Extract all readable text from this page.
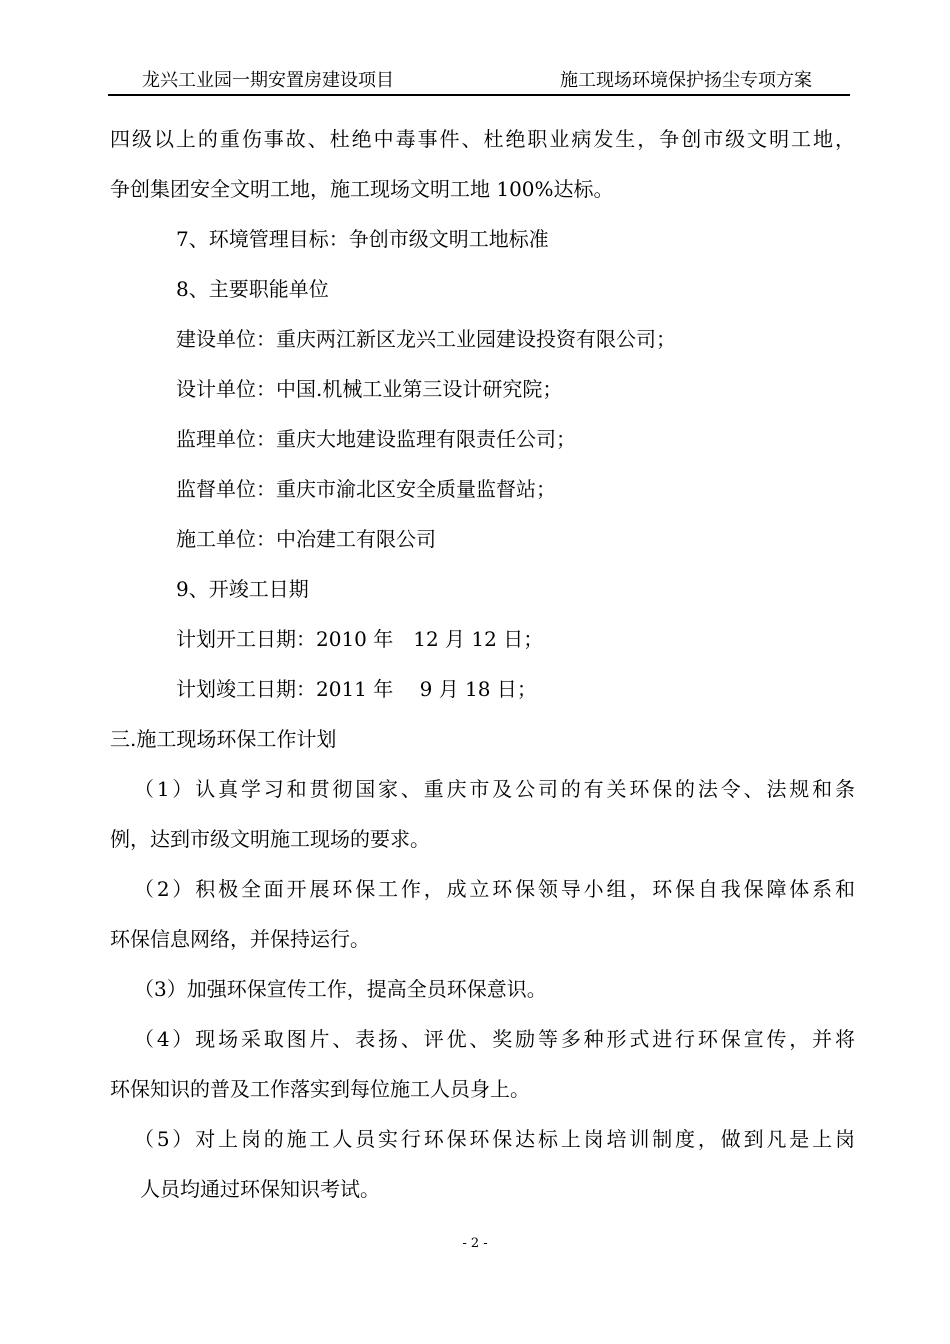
龙兴工业园一期安置房建设项目	施工现场环境保护扬尘专项方案
四级以上的重伤事故、杜绝中毒事件、杜绝职业病发生，争创市级文明工地，
争创集团安全文明工地，施工现场文明工地 100%达标。
7、环境管理目标：争创市级文明工地标准
8、主要职能单位
建设单位：重庆两江新区龙兴工业园建设投资有限公司；
设计单位：中国.机械工业第三设计研究院；
监理单位：重庆大地建设监理有限责任公司；
监督单位：重庆市渝北区安全质量监督站；
施工单位：中冶建工有限公司
9、开竣工日期
计划开工日期：2010 年　12 月 12 日；
计划竣工日期：2011 年　 9 月 18 日；
三.施工现场环保工作计划
（1）认真学习和贯彻国家、重庆市及公司的有关环保的法令、法规和条
例，达到市级文明施工现场的要求。
（2）积极全面开展环保工作，成立环保领导小组，环保自我保障体系和
环保信息网络，并保持运行。
（3）加强环保宣传工作，提高全员环保意识。
（4）现场采取图片、表扬、评优、奖励等多种形式进行环保宣传，并将
环保知识的普及工作落实到每位施工人员身上。
（5）对上岗的施工人员实行环保环保达标上岗培训制度，做到凡是上岗
人员均通过环保知识考试。
- 2 -
